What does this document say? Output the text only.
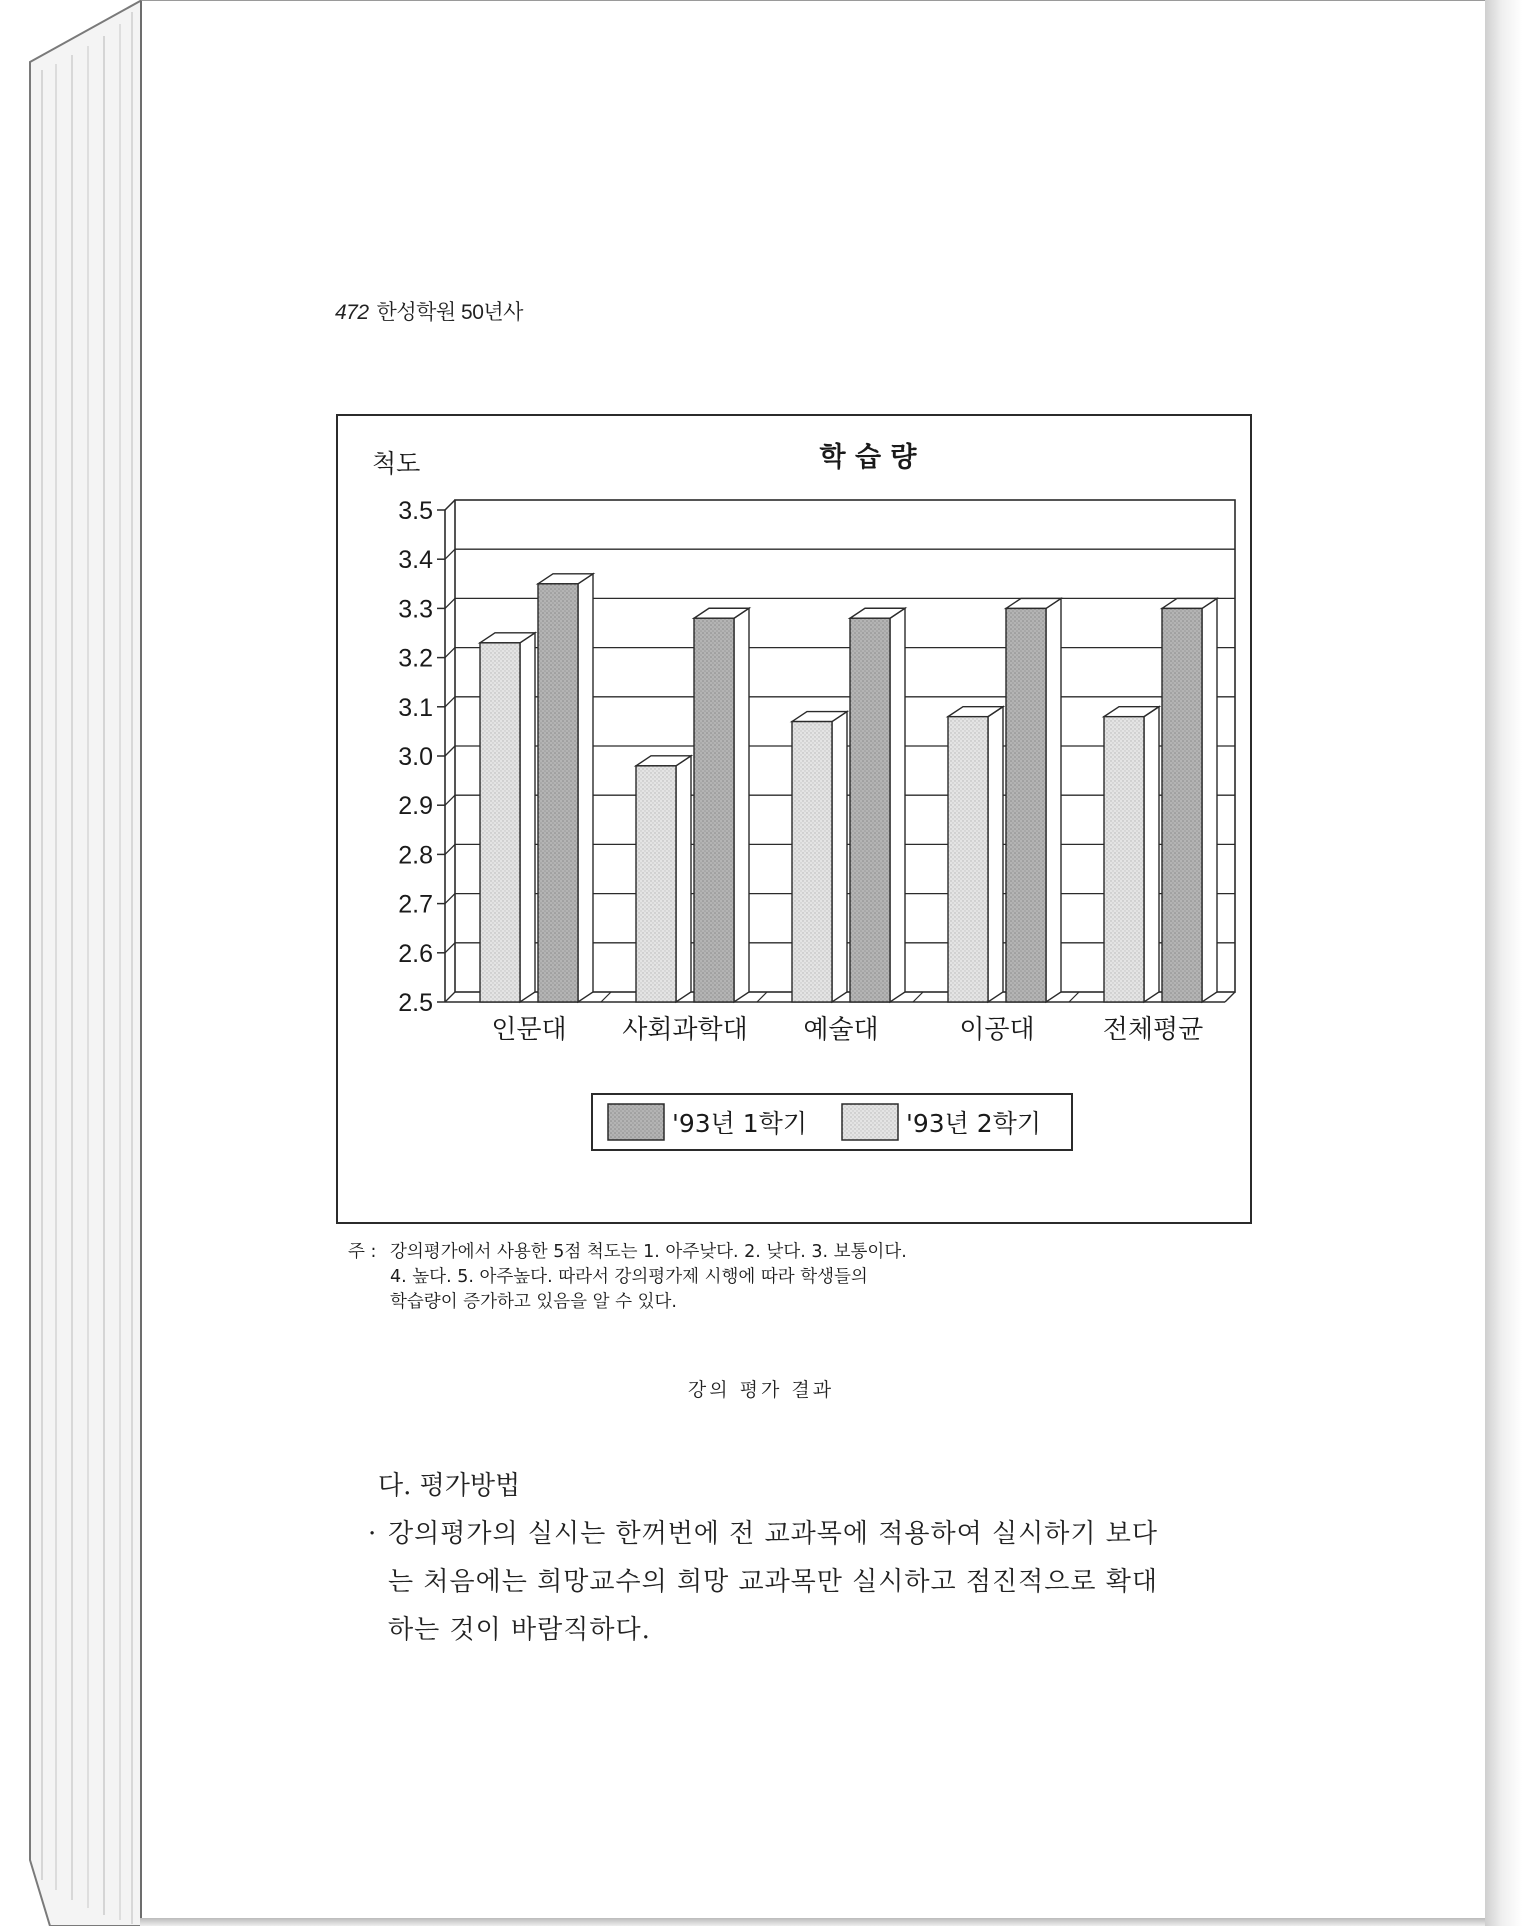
472 한성학원 50년사
3.5
3.4
3.3
3.2
3.1
3.0
2.9
2.8
2.7
2.6
2.5
인문대 사회과학대 예술대	이공대	전체평균
척도	학 습 량
'93년 1학기	'93년 2학기
주 : 강의평가에서 사용한 5점 척도는 1. 아주낮다. 2. 낮다. 3. 보통이다.
4. 높다. 5. 아주높다. 따라서 강의평가제 시행에 따라 학생들의
학습량이 증가하고 있음을 알 수 있다.
강의 평가 결과
다. 평가방법
· 강의평가의 실시는 한꺼번에 전 교과목에 적용하여 실시하기 보다
는 처음에는 희망교수의 희망 교과목만 실시하고 점진적으로 확대
하는 것이 바람직하다.
